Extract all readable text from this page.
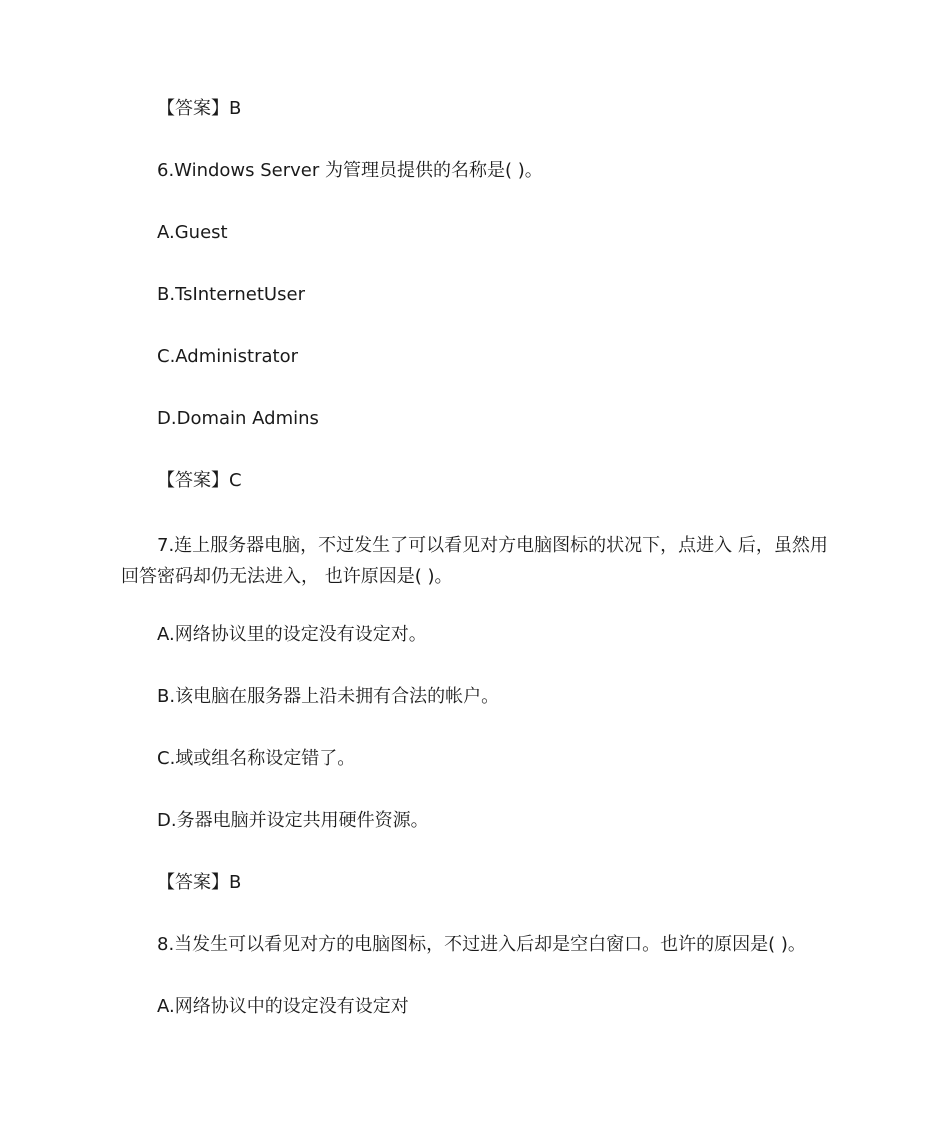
【答案】B
6.Windows Server 为管理员提供的名称是( )。
A.Guest
B.TsInternetUser
C.Administrator
D.Domain Admins
【答案】C
7.连上服务器电脑，不过发生了可以看见对方电脑图标的状况下，点进入 后，虽然用回答密码却仍无法进入， 也许原因是( )。
A.网络协议里的设定没有设定对。
B.该电脑在服务器上沿未拥有合法的帐户。
C.域或组名称设定错了。
D.务器电脑并设定共用硬件资源。
【答案】B
8.当发生可以看见对方的电脑图标，不过进入后却是空白窗口。也许的原因是( )。
A.网络协议中的设定没有设定对
